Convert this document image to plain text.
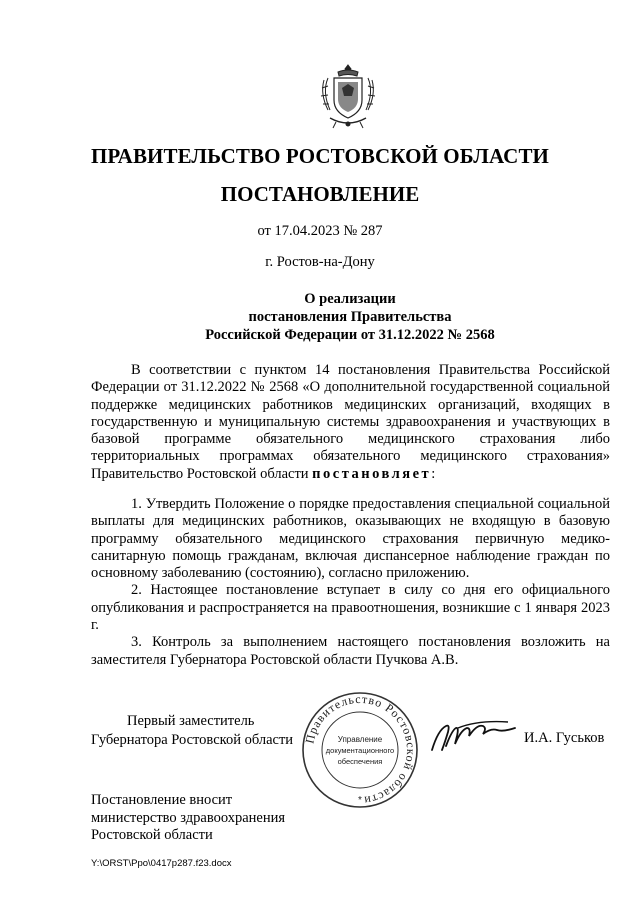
ПРАВИТЕЛЬСТВО РОСТОВСКОЙ ОБЛАСТИ
ПОСТАНОВЛЕНИЕ
от 17.04.2023 № 287
г. Ростов-на-Дону
О реализации
постановления Правительства
Российской Федерации от 31.12.2022 № 2568

В соответствии с пунктом 14 постановления Правительства Российской Федерации от 31.12.2022 № 2568 «О дополнительной государственной социальной поддержке медицинских работников медицинских организаций, входящих в государственную и муниципальную системы здравоохранения и участвующих в базовой программе обязательного медицинского страхования либо территориальных программах обязательного медицинского страхования» Правительство Ростовской области постановляет:

1. Утвердить Положение о порядке предоставления специальной социальной выплаты для медицинских работников, оказывающих не входящую в базовую программу обязательного медицинского страхования первичную медико-санитарную помощь гражданам, включая диспансерное наблюдение граждан по основному заболеванию (состоянию), согласно приложению.

2. Настоящее постановление вступает в силу со дня его официального опубликования и распространяется на правоотношения, возникшие с 1 января 2023 г.

3. Контроль за выполнением настоящего постановления возложить на заместителя Губернатора Ростовской области Пучкова А.В.

Первый заместитель
Губернатора Ростовской области Правительство Ростовской области
Управление
документационного
обеспечения
*
И.А. Гуськов
Постановление вносит
министерство здравоохранения
Ростовской области
Y:\ORST\Ppo\0417p287.f23.docx
